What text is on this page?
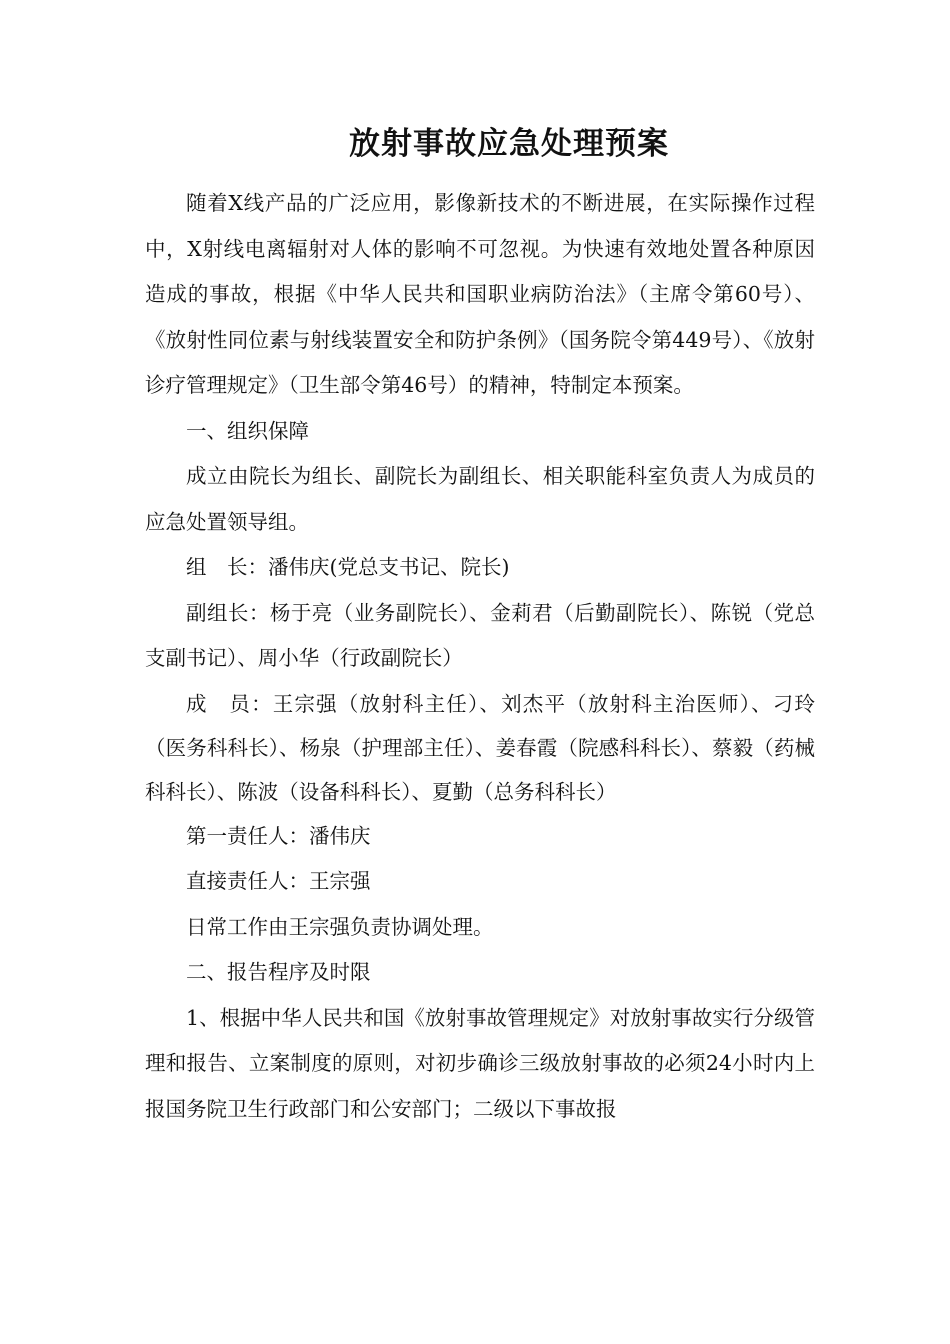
放射事故应急处理预案

随着X线产品的广泛应用，影像新技术的不断进展，在实际操作过程中，X射线电离辐射对人体的影响不可忽视。为快速有效地处置各种原因造成的事故，根据《中华人民共和国职业病防治法》（主席令第60号）、《放射性同位素与射线装置安全和防护条例》（国务院令第449号）、《放射诊疗管理规定》（卫生部令第46号）的精神，特制定本预案。

一、组织保障

成立由院长为组长、副院长为副组长、相关职能科室负责人为成员的应急处置领导组。

组　长：潘伟庆(党总支书记、院长)

副组长：杨于亮（业务副院长）、金莉君（后勤副院长）、陈锐（党总支副书记）、周小华（行政副院长）

成　员：王宗强（放射科主任）、刘杰平（放射科主治医师）、刁玲（医务科科长）、杨泉（护理部主任）、姜春霞（院感科科长）、蔡毅（药械科科长）、陈波（设备科科长）、夏勤（总务科科长）

第一责任人：潘伟庆

直接责任人：王宗强

日常工作由王宗强负责协调处理。

二、报告程序及时限

1、根据中华人民共和国《放射事故管理规定》对放射事故实行分级管理和报告、立案制度的原则，对初步确诊三级放射事故的必须24小时内上报国务院卫生行政部门和公安部门；二级以下事故报
